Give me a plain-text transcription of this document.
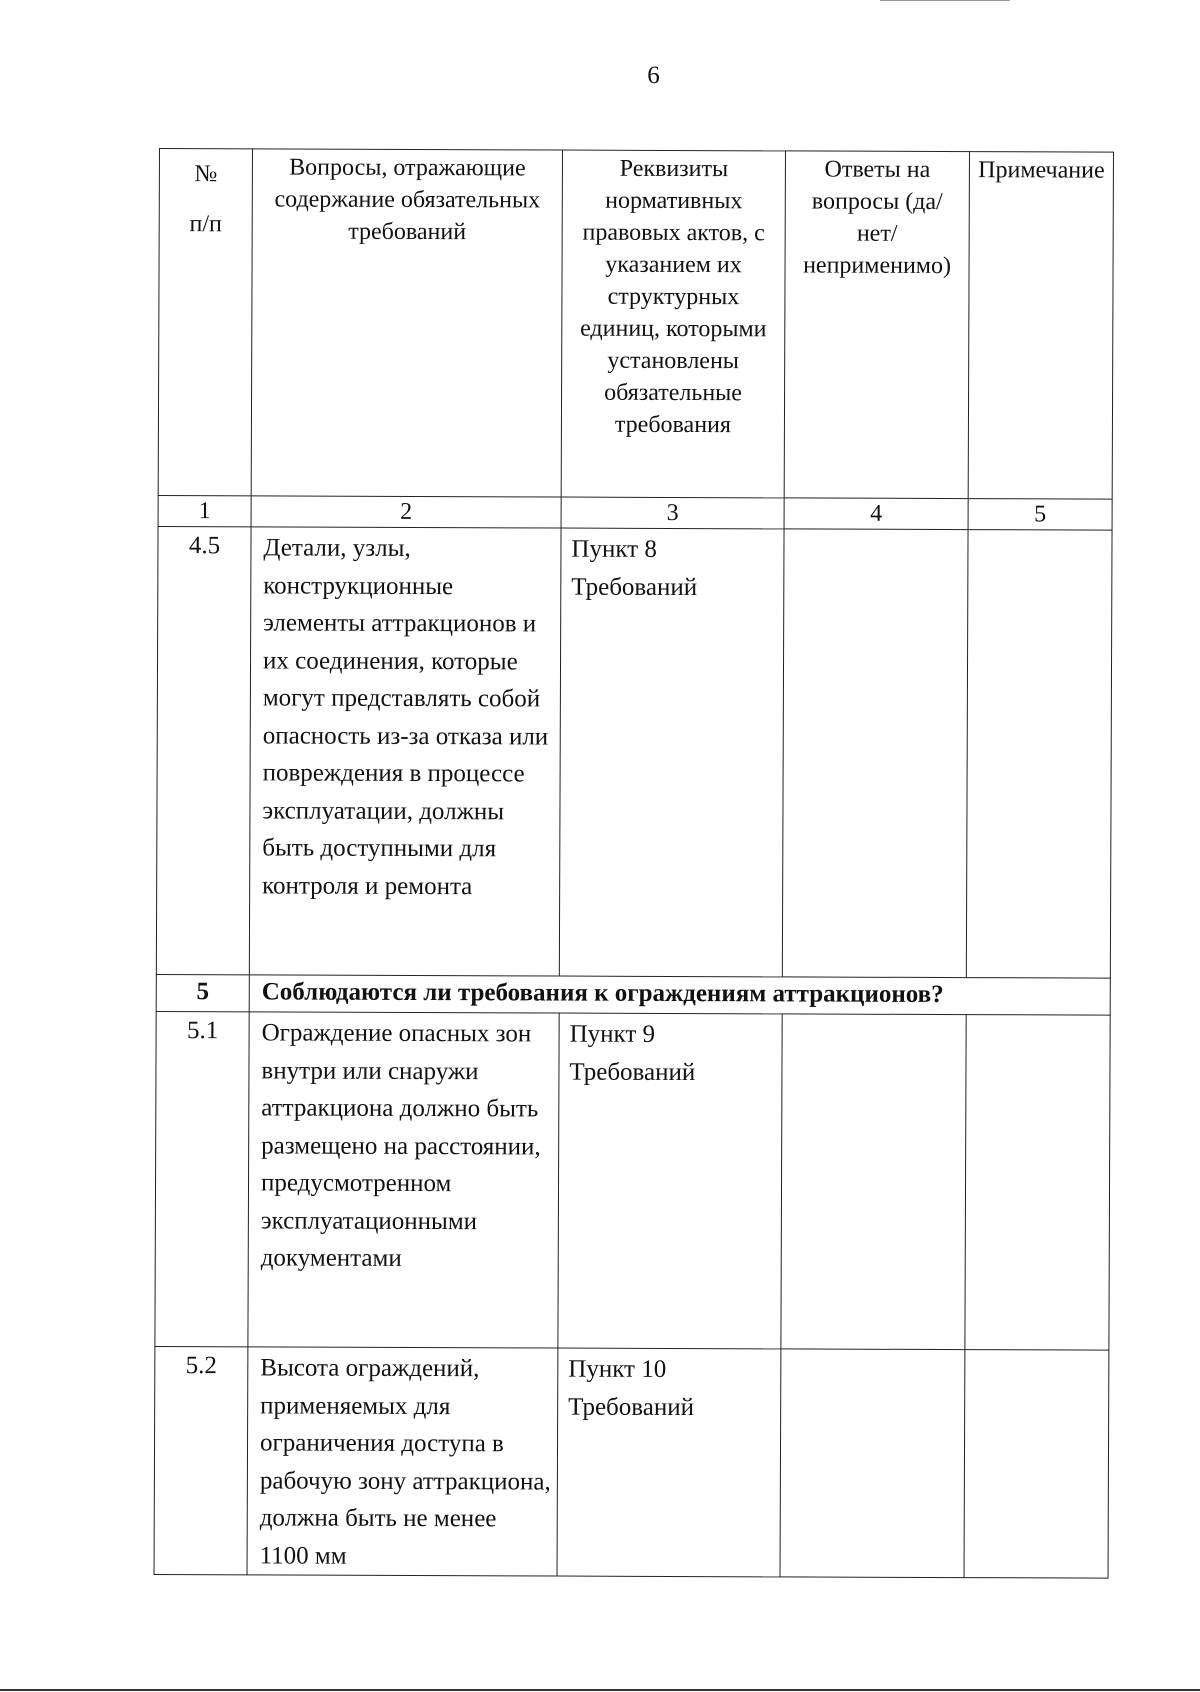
6
№ п/п	Вопросы, отражающие содержание обязательных требований	Реквизиты нормативных правовых актов, с указанием их структурных единиц, которыми установлены обязательные требования	Ответы на вопросы (да/нет/ неприменимо)	Примечание
1	2	3	4	5
4.5	Детали, узлы, конструкционные элементы аттракционов и их соединения, которые могут представлять собой опасность из-за отказа или повреждения в процессе эксплуатации, должны быть доступными для контроля и ремонта	Пункт 8 Требований		
5	Соблюдаются ли требования к ограждениям аттракционов?			
5.1	Ограждение опасных зон внутри или снаружи аттракциона должно быть размещено на расстоянии, предусмотренном эксплуатационными документами	Пункт 9 Требований		
5.2	Высота ограждений, применяемых для ограничения доступа в рабочую зону аттракциона, должна быть не менее 1100 мм	Пункт 10 Требований		
